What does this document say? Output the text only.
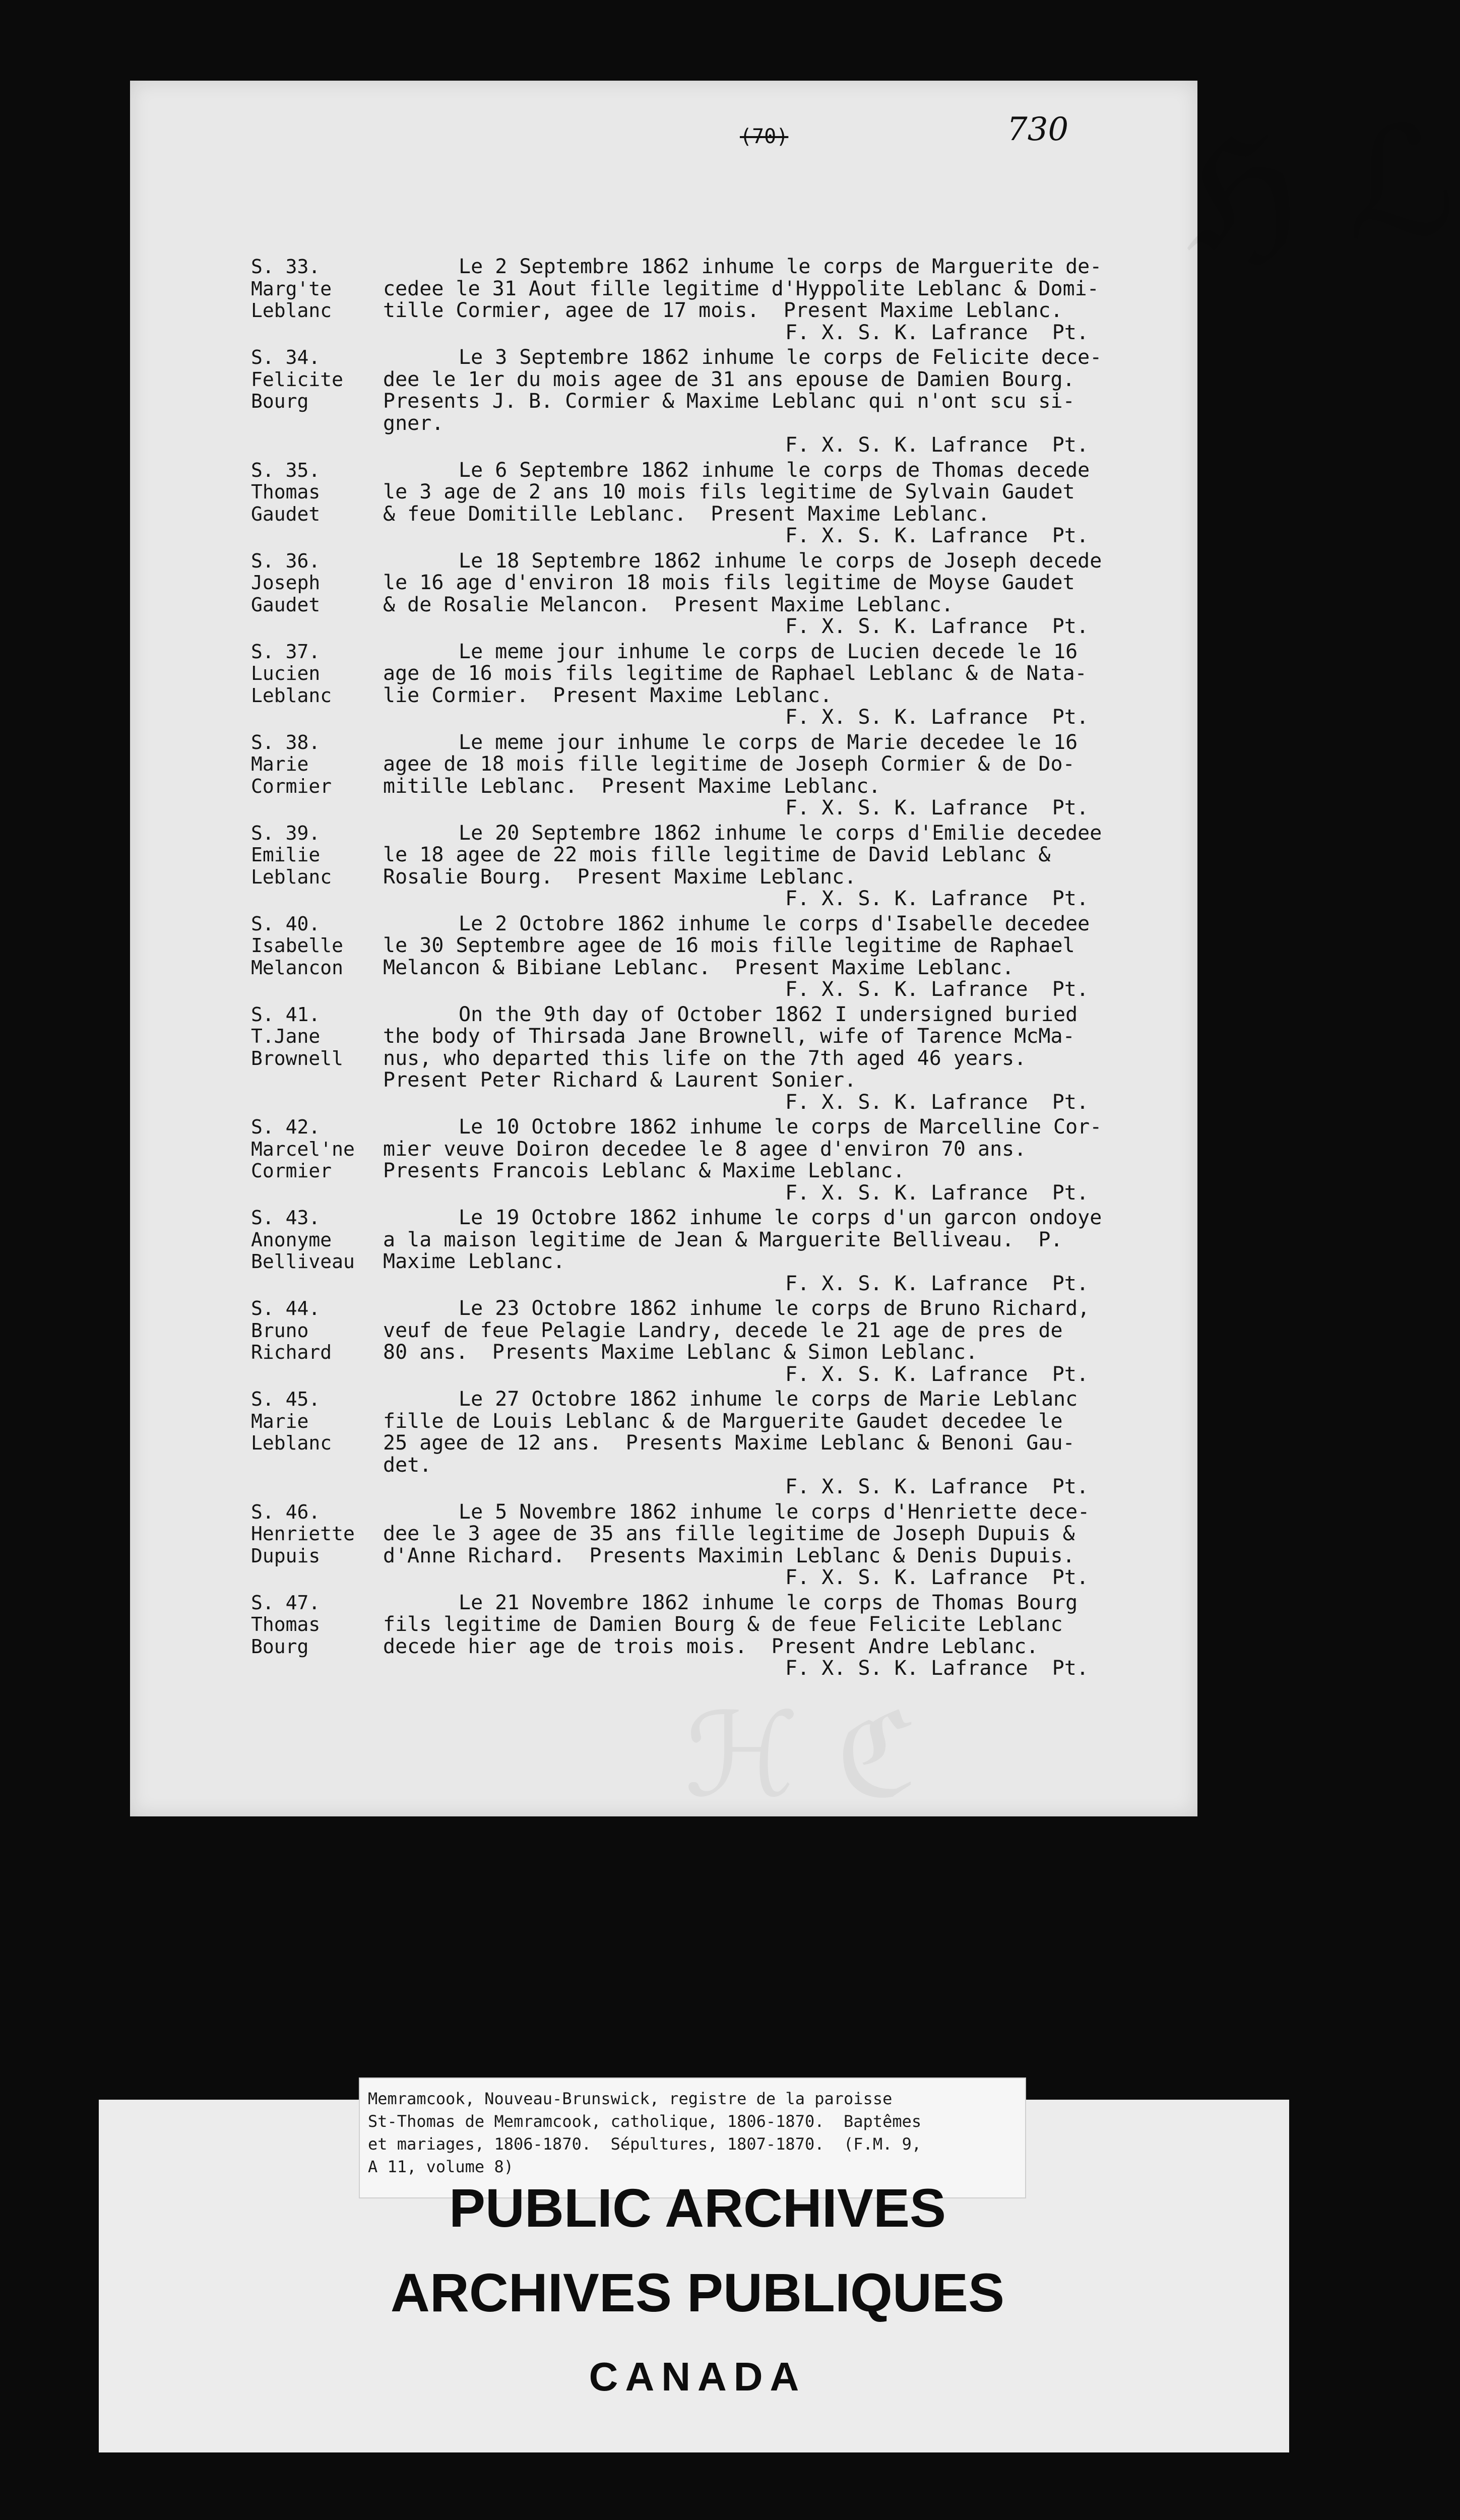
ℌ ℒ
ℋ ℭ
(70)	730
S. 33.
Marg'te
Leblanc
Le 2 Septembre 1862 inhume le corps de Marguerite de-
cedee le 31 Aout fille legitime d'Hyppolite Leblanc & Domi-
tille Cormier, agee de 17 mois.  Present Maxime Leblanc.
F. X. S. K. Lafrance  Pt.
S. 34.
Felicite
Bourg
Le 3 Septembre 1862 inhume le corps de Felicite dece-
dee le 1er du mois agee de 31 ans epouse de Damien Bourg.
Presents J. B. Cormier & Maxime Leblanc qui n'ont scu si-
gner.
F. X. S. K. Lafrance  Pt.
S. 35.
Thomas
Gaudet
Le 6 Septembre 1862 inhume le corps de Thomas decede
le 3 age de 2 ans 10 mois fils legitime de Sylvain Gaudet
& feue Domitille Leblanc.  Present Maxime Leblanc.
F. X. S. K. Lafrance  Pt.
S. 36.
Joseph
Gaudet
Le 18 Septembre 1862 inhume le corps de Joseph decede
le 16 age d'environ 18 mois fils legitime de Moyse Gaudet
& de Rosalie Melancon.  Present Maxime Leblanc.
F. X. S. K. Lafrance  Pt.
S. 37.
Lucien
Leblanc
Le meme jour inhume le corps de Lucien decede le 16
age de 16 mois fils legitime de Raphael Leblanc & de Nata-
lie Cormier.  Present Maxime Leblanc.
F. X. S. K. Lafrance  Pt.
S. 38.
Marie
Cormier
Le meme jour inhume le corps de Marie decedee le 16
agee de 18 mois fille legitime de Joseph Cormier & de Do-
mitille Leblanc.  Present Maxime Leblanc.
F. X. S. K. Lafrance  Pt.
S. 39.
Emilie
Leblanc
Le 20 Septembre 1862 inhume le corps d'Emilie decedee
le 18 agee de 22 mois fille legitime de David Leblanc &
Rosalie Bourg.  Present Maxime Leblanc.
F. X. S. K. Lafrance  Pt.
S. 40.
Isabelle
Melancon
Le 2 Octobre 1862 inhume le corps d'Isabelle decedee
le 30 Septembre agee de 16 mois fille legitime de Raphael
Melancon & Bibiane Leblanc.  Present Maxime Leblanc.
F. X. S. K. Lafrance  Pt.
S. 41.
T.Jane
Brownell
On the 9th day of October 1862 I undersigned buried
the body of Thirsada Jane Brownell, wife of Tarence McMa-
nus, who departed this life on the 7th aged 46 years.
Present Peter Richard & Laurent Sonier.
F. X. S. K. Lafrance  Pt.
S. 42.
Marcel'ne
Cormier
Le 10 Octobre 1862 inhume le corps de Marcelline Cor-
mier veuve Doiron decedee le 8 agee d'environ 70 ans.
Presents Francois Leblanc & Maxime Leblanc.
F. X. S. K. Lafrance  Pt.
S. 43.
Anonyme
Belliveau
Le 19 Octobre 1862 inhume le corps d'un garcon ondoye
a la maison legitime de Jean & Marguerite Belliveau.  P.
Maxime Leblanc.
F. X. S. K. Lafrance  Pt.
S. 44.
Bruno
Richard
Le 23 Octobre 1862 inhume le corps de Bruno Richard,
veuf de feue Pelagie Landry, decede le 21 age de pres de
80 ans.  Presents Maxime Leblanc & Simon Leblanc.
F. X. S. K. Lafrance  Pt.
S. 45.
Marie
Leblanc
Le 27 Octobre 1862 inhume le corps de Marie Leblanc
fille de Louis Leblanc & de Marguerite Gaudet decedee le
25 agee de 12 ans.  Presents Maxime Leblanc & Benoni Gau-
det.
F. X. S. K. Lafrance  Pt.
S. 46.
Henriette
Dupuis
Le 5 Novembre 1862 inhume le corps d'Henriette dece-
dee le 3 agee de 35 ans fille legitime de Joseph Dupuis &
d'Anne Richard.  Presents Maximin Leblanc & Denis Dupuis.
F. X. S. K. Lafrance  Pt.
S. 47.
Thomas
Bourg
Le 21 Novembre 1862 inhume le corps de Thomas Bourg
fils legitime de Damien Bourg & de feue Felicite Leblanc
decede hier age de trois mois.  Present Andre Leblanc.
F. X. S. K. Lafrance  Pt.
Memramcook, Nouveau-Brunswick, registre de la paroisse
St-Thomas de Memramcook, catholique, 1806-1870.  Baptêmes
et mariages, 1806-1870.  Sépultures, 1807-1870.  (F.M. 9,
A 11, volume 8)
PUBLIC ARCHIVES
ARCHIVES PUBLIQUES
CANADA
